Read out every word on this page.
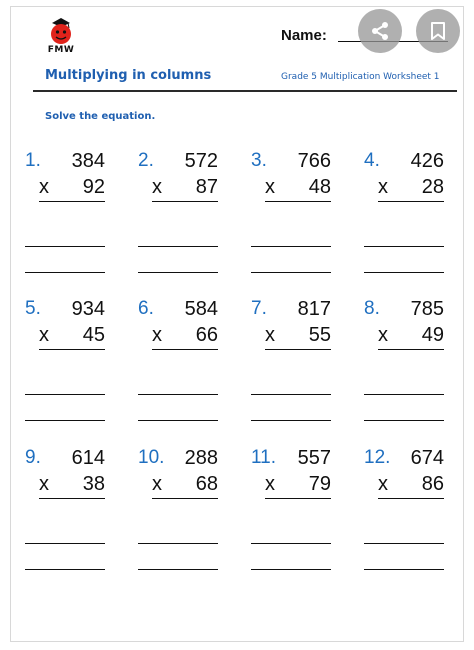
FMW
Name:
Multiplying in columns	Grade 5 Multiplication Worksheet 1
Solve the equation.
1. 384
x 92
2. 572
x 87
3. 766
x 48
4. 426
x 28
5. 934
x 45
6. 584
x 66
7. 817
x 55
8. 785
x 49
9. 614
x 38
10. 288
x 68
11. 557
x 79
12. 674
x 86
